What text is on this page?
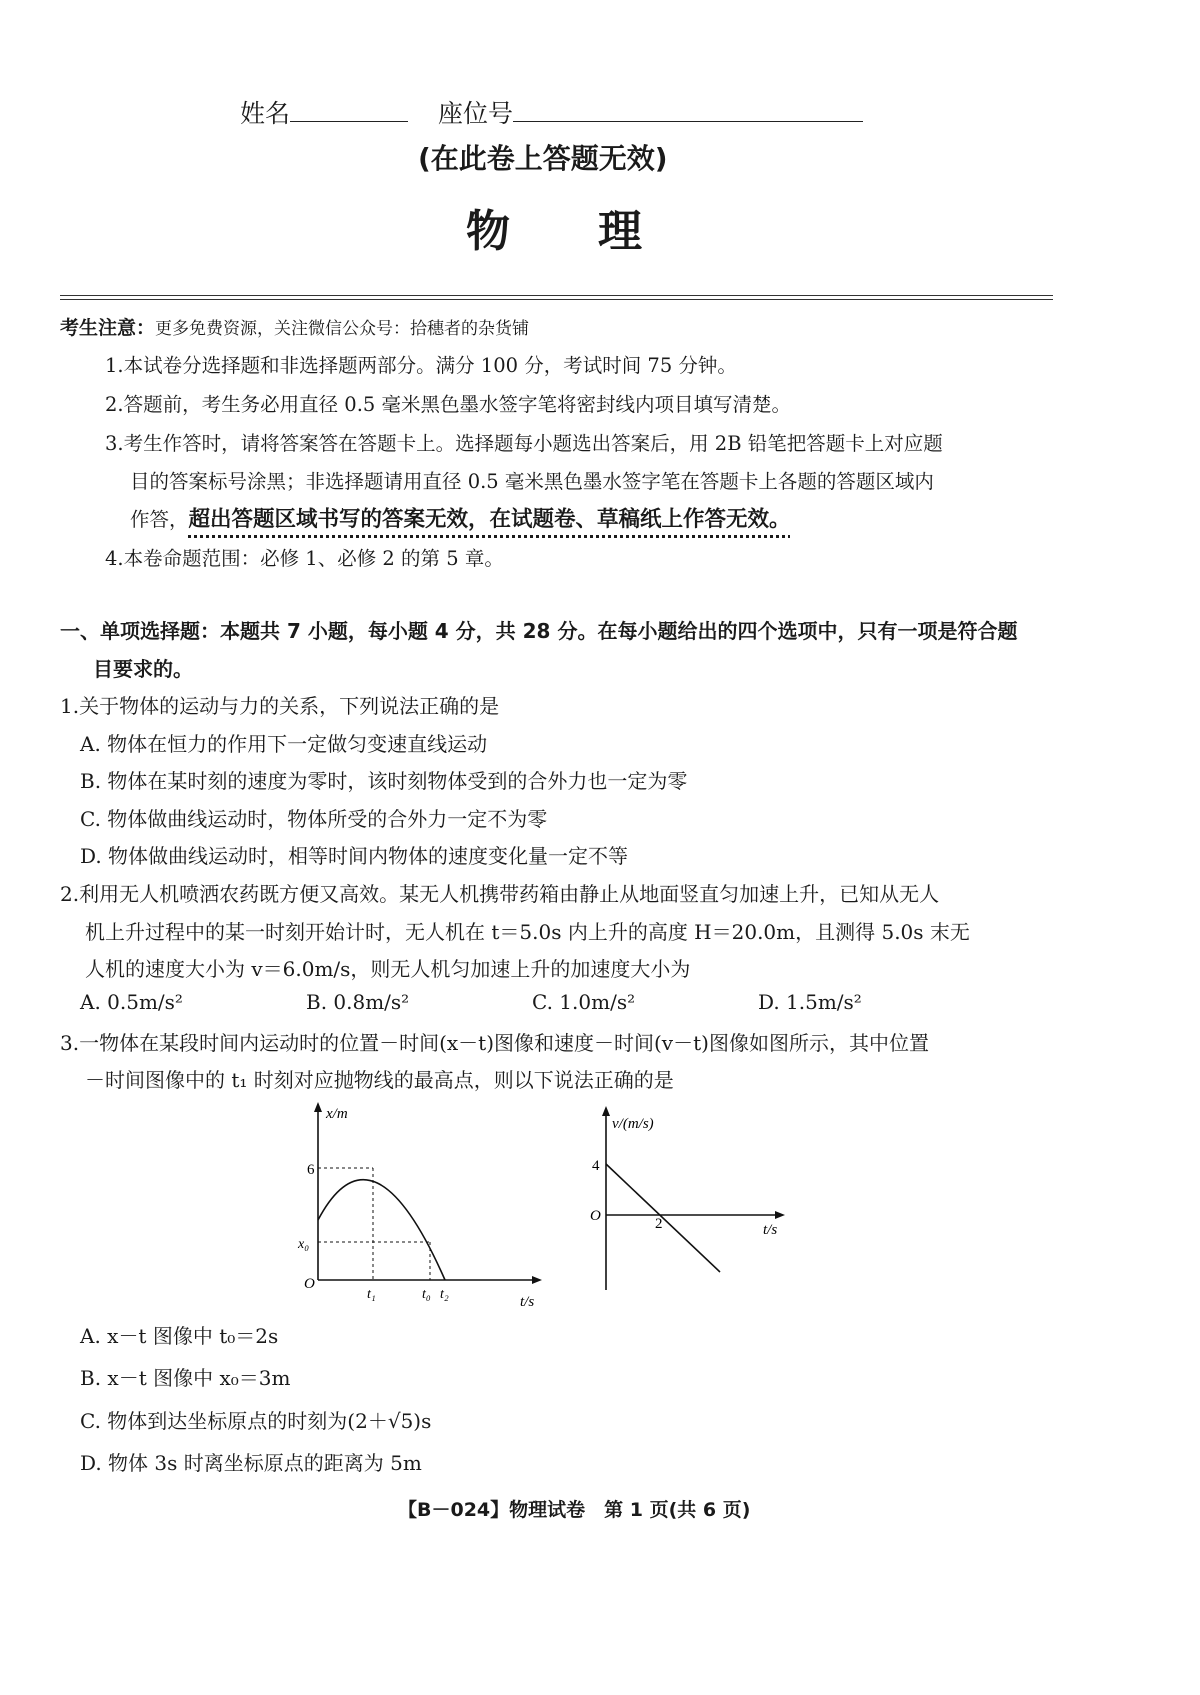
姓名	座位号
(在此卷上答题无效)
物　　理
考生注意：更多免费资源，关注微信公众号：拾穗者的杂货铺
1.本试卷分选择题和非选择题两部分。满分 100 分，考试时间 75 分钟。
2.答题前，考生务必用直径 0.5 毫米黑色墨水签字笔将密封线内项目填写清楚。
3.考生作答时，请将答案答在答题卡上。选择题每小题选出答案后，用 2B 铅笔把答题卡上对应题
目的答案标号涂黑；非选择题请用直径 0.5 毫米黑色墨水签字笔在答题卡上各题的答题区域内
作答，超出答题区域书写的答案无效，在试题卷、草稿纸上作答无效。
4.本卷命题范围：必修 1、必修 2 的第 5 章。
一、单项选择题：本题共 7 小题，每小题 4 分，共 28 分。在每小题给出的四个选项中，只有一项是符合题
目要求的。
1.关于物体的运动与力的关系，下列说法正确的是
A. 物体在恒力的作用下一定做匀变速直线运动
B. 物体在某时刻的速度为零时，该时刻物体受到的合外力也一定为零
C. 物体做曲线运动时，物体所受的合外力一定不为零
D. 物体做曲线运动时，相等时间内物体的速度变化量一定不等
2.利用无人机喷洒农药既方便又高效。某无人机携带药箱由静止从地面竖直匀加速上升，已知从无人
机上升过程中的某一时刻开始计时，无人机在 t＝5.0s 内上升的高度 H＝20.0m，且测得 5.0s 末无
人机的速度大小为 v＝6.0m/s，则无人机匀加速上升的加速度大小为
A. 0.5m/s²	B. 0.8m/s²	C. 1.0m/s²	D. 1.5m/s²
3.一物体在某段时间内运动时的位置－时间(x－t)图像和速度－时间(v－t)图像如图所示，其中位置
－时间图像中的 t₁ 时刻对应抛物线的最高点，则以下说法正确的是
x/m
O
6
x₀
t₁	t₀ t₂	t/s
v/(m/s)
4
O	2	t/s
A. x－t 图像中 t₀＝2s
B. x－t 图像中 x₀＝3m
C. 物体到达坐标原点的时刻为(2＋√5)s
D. 物体 3s 时离坐标原点的距离为 5m
【B－024】物理试卷　第 1 页(共 6 页)
